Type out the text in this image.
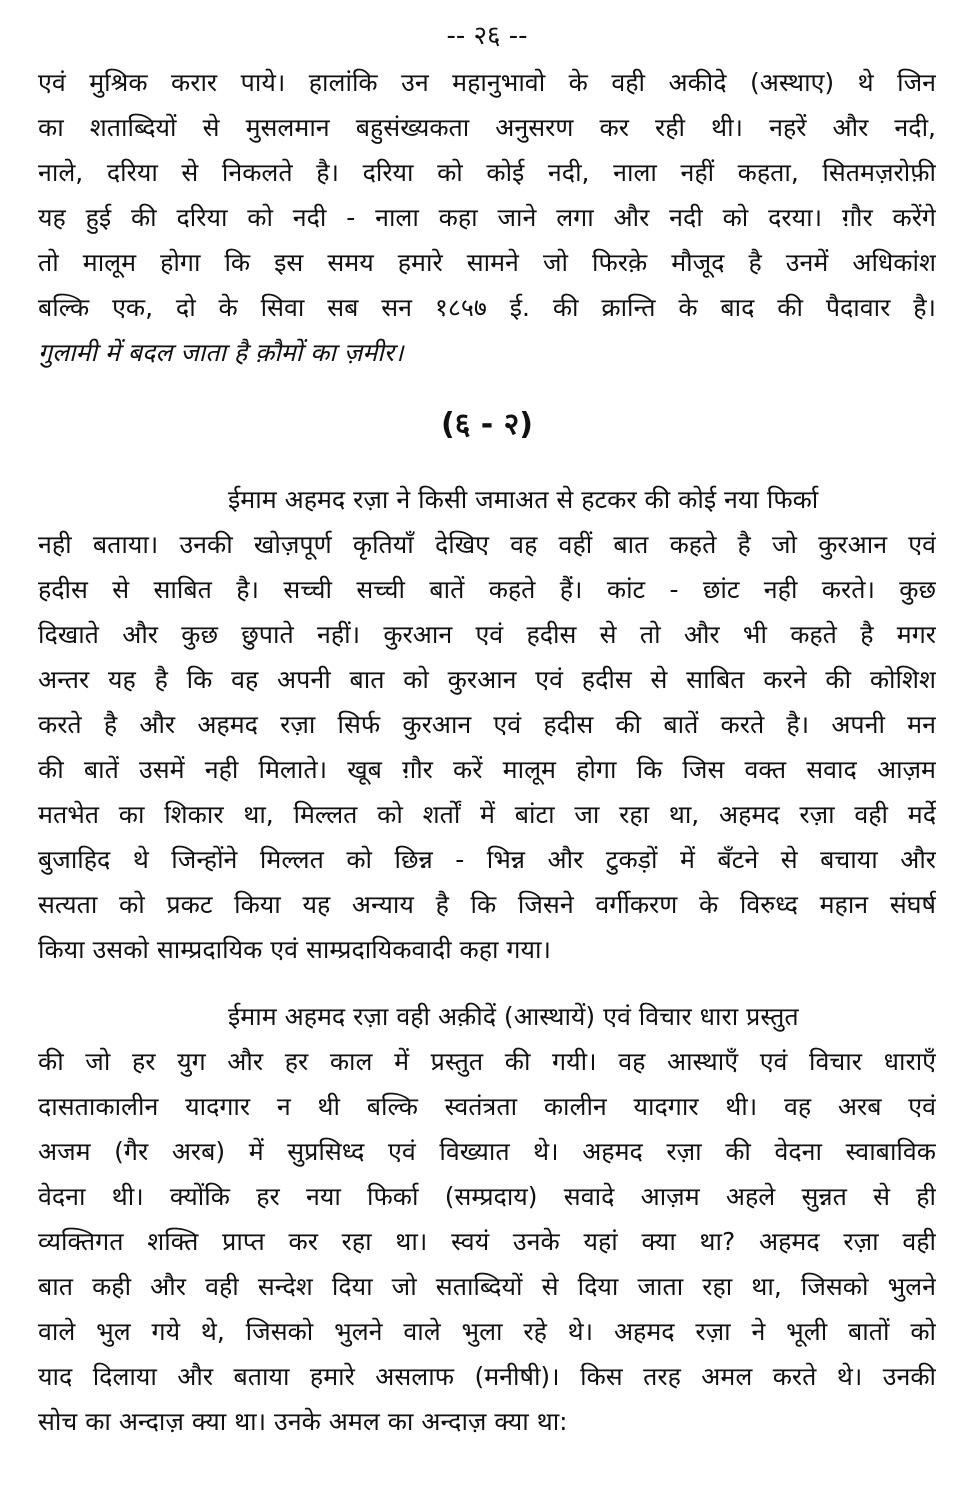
-- २६ --
एवं मुश्रिक करार पाये। हालांकि उन महानुभावो के वही अकीदे (अस्थाए) थे जिन
का शताब्दियों से मुसलमान बहुसंख्यकता अनुसरण कर रही थी। नहरें और नदी,
नाले, दरिया से निकलते है। दरिया को कोई नदी, नाला नहीं कहता, सितमज़रोफ़ी
यह हुई की दरिया को नदी - नाला कहा जाने लगा और नदी को दरया। ग़ौर करेंगे
तो मालूम होगा कि इस समय हमारे सामने जो फिरक़े मौजूद है उनमें अधिकांश
बल्कि एक, दो के सिवा सब सन १८५७ ई. की क्रान्ति के बाद की पैदावार है।
गुलामी में बदल जाता है क़ौमों का ज़मीर।
(६ - २)
ईमाम अहमद रज़ा ने किसी जमाअत से हटकर की कोई नया फिर्का
नही बताया। उनकी खोज़पूर्ण कृतियाँ देखिए वह वहीं बात कहते है जो कुरआन एवं
हदीस से साबित है। सच्ची सच्ची बातें कहते हैं। कांट - छांट नही करते। कुछ
दिखाते और कुछ छुपाते नहीं। कुरआन एवं हदीस से तो और भी कहते है मगर
अन्तर यह है कि वह अपनी बात को कुरआन एवं हदीस से साबित करने की कोशिश
करते है और अहमद रज़ा सिर्फ कुरआन एवं हदीस की बातें करते है। अपनी मन
की बातें उसमें नही मिलाते। खूब ग़ौर करें मालूम होगा कि जिस वक्त सवाद आज़म
मतभेत का शिकार था, मिल्लत को शर्तों में बांटा जा रहा था, अहमद रज़ा वही मर्दे
बुजाहिद थे जिन्होंने मिल्लत को छिन्न - भिन्न और टुकड़ों में बँटने से बचाया और
सत्यता को प्रकट किया यह अन्याय है कि जिसने वर्गीकरण के विरुध्द महान संघर्ष
किया उसको साम्प्रदायिक एवं साम्प्रदायिकवादी कहा गया।
ईमाम अहमद रज़ा वही अक़ीदें (आस्थायें) एवं विचार धारा प्रस्तुत
की जो हर युग और हर काल में प्रस्तुत की गयी। वह आस्थाएँ एवं विचार धाराएँ
दासताकालीन यादगार न थी बल्कि स्वतंत्रता कालीन यादगार थी। वह अरब एवं
अजम (गैर अरब) में सुप्रसिध्द एवं विख्यात थे। अहमद रज़ा की वेदना स्वाबाविक
वेदना थी। क्योंकि हर नया फिर्का (सम्प्रदाय) सवादे आज़म अहले सुन्नत से ही
व्यक्तिगत शक्ति प्राप्त कर रहा था। स्वयं उनके यहां क्या था? अहमद रज़ा वही
बात कही और वही सन्देश दिया जो सताब्दियों से दिया जाता रहा था, जिसको भुलने
वाले भुल गये थे, जिसको भुलने वाले भुला रहे थे। अहमद रज़ा ने भूली बातों को
याद दिलाया और बताया हमारे असलाफ (मनीषी)। किस तरह अमल करते थे। उनकी
सोच का अन्दाज़ क्या था। उनके अमल का अन्दाज़ क्या था:
